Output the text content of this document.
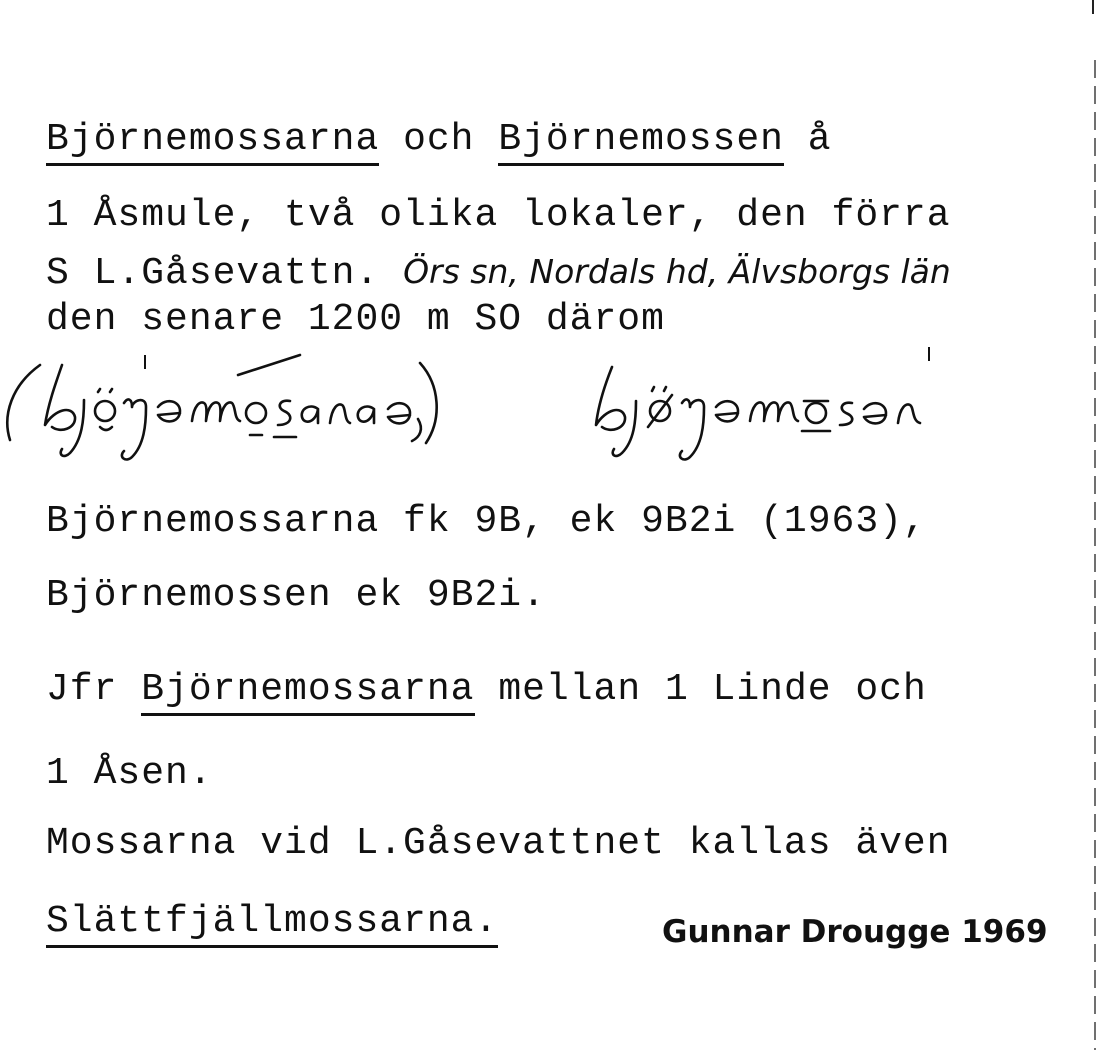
Björnemossarna och Björnemossen å
1 Åsmule, två olika lokaler, den förra
S L.Gåsevattn. Örs sn, Nordals hd, Älvsborgs län
den senare 1200 m SO därom
Björnemossarna fk 9B, ek 9B2i (1963),
Björnemossen ek 9B2i.
Jfr Björnemossarna mellan 1 Linde och
1 Åsen.
Mossarna vid L.Gåsevattnet kallas även
Slättfjällmossarna.	Gunnar Drougge 1969
